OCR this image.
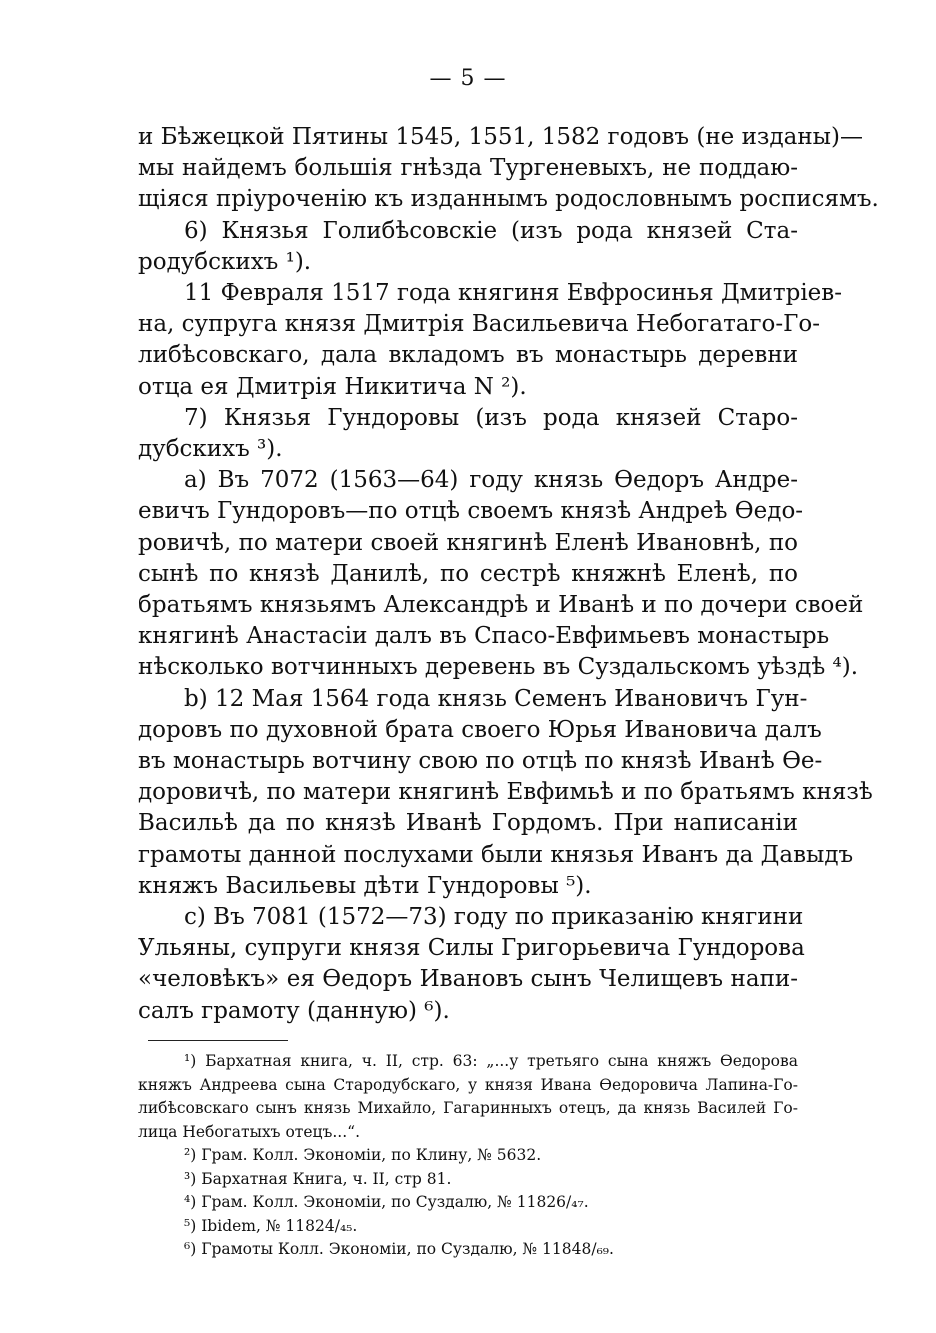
— 5 —
и Бѣжецкой Пятины 1545, 1551, 1582 годовъ (не изданы)—
мы найдемъ большія гнѣзда Тургеневыхъ, не поддаю-
щіяся пріуроченію къ изданнымъ родословнымъ росписямъ.
6) Князья Голибѣсовскіе (изъ рода князей Ста-
родубскихъ ¹).
11 Февраля 1517 года княгиня Евфросинья Дмитріев-
на, супруга князя Дмитрія Васильевича Небогатаго-Го-
либѣсовскаго, дала вкладомъ въ монастырь деревни
отца ея Дмитрія Никитича N ²).
7) Князья Гундоровы (изъ рода князей Старо-
дубскихъ ³).
a) Въ 7072 (1563—64) году князь Ѳедоръ Андре-
евичъ Гундоровъ—по отцѣ своемъ князѣ Андреѣ Ѳедо-
ровичѣ, по матери своей княгинѣ Еленѣ Ивановнѣ, по
сынѣ по князѣ Данилѣ, по сестрѣ княжнѣ Еленѣ, по
братьямъ князьямъ Александрѣ и Иванѣ и по дочери своей
княгинѣ Анастасіи далъ въ Спасо-Евфимьевъ монастырь
нѣсколько вотчинныхъ деревень въ Суздальскомъ уѣздѣ ⁴).
b) 12 Мая 1564 года князь Семенъ Ивановичъ Гун-
доровъ по духовной брата своего Юрья Ивановича далъ
въ монастырь вотчину свою по отцѣ по князѣ Иванѣ Ѳе-
доровичѣ, по матери княгинѣ Евфимьѣ и по братьямъ князѣ
Васильѣ да по князѣ Иванѣ Гордомъ. При написаніи
грамоты данной послухами были князья Иванъ да Давыдъ
княжъ Васильевы дѣти Гундоровы ⁵).
c) Въ 7081 (1572—73) году по приказанію княгини
Ульяны, супруги князя Силы Григорьевича Гундорова
«человѣкъ» ея Ѳедоръ Ивановъ сынъ Челищевъ напи-
салъ грамоту (данную) ⁶).
¹) Бархатная книга, ч. II, стр. 63: „...у третьяго сына княжъ Ѳедорова
княжъ Андреева сына Стародубскаго, у князя Ивана Ѳедоровича Лапина-Го-
либѣсовскаго сынъ князь Михайло, Гагаринныхъ отецъ, да князь Василей Го-
лица Небогатыхъ отецъ...“.
²) Грам. Колл. Экономіи, по Клину, № 5632.
³) Бархатная Книга, ч. II, стр 81.
⁴) Грам. Колл. Экономіи, по Суздалю, № 11826/₄₇.
⁵) Ibidem, № 11824/₄₅.
⁶) Грамоты Колл. Экономіи, по Суздалю, № 11848/₆₉.
